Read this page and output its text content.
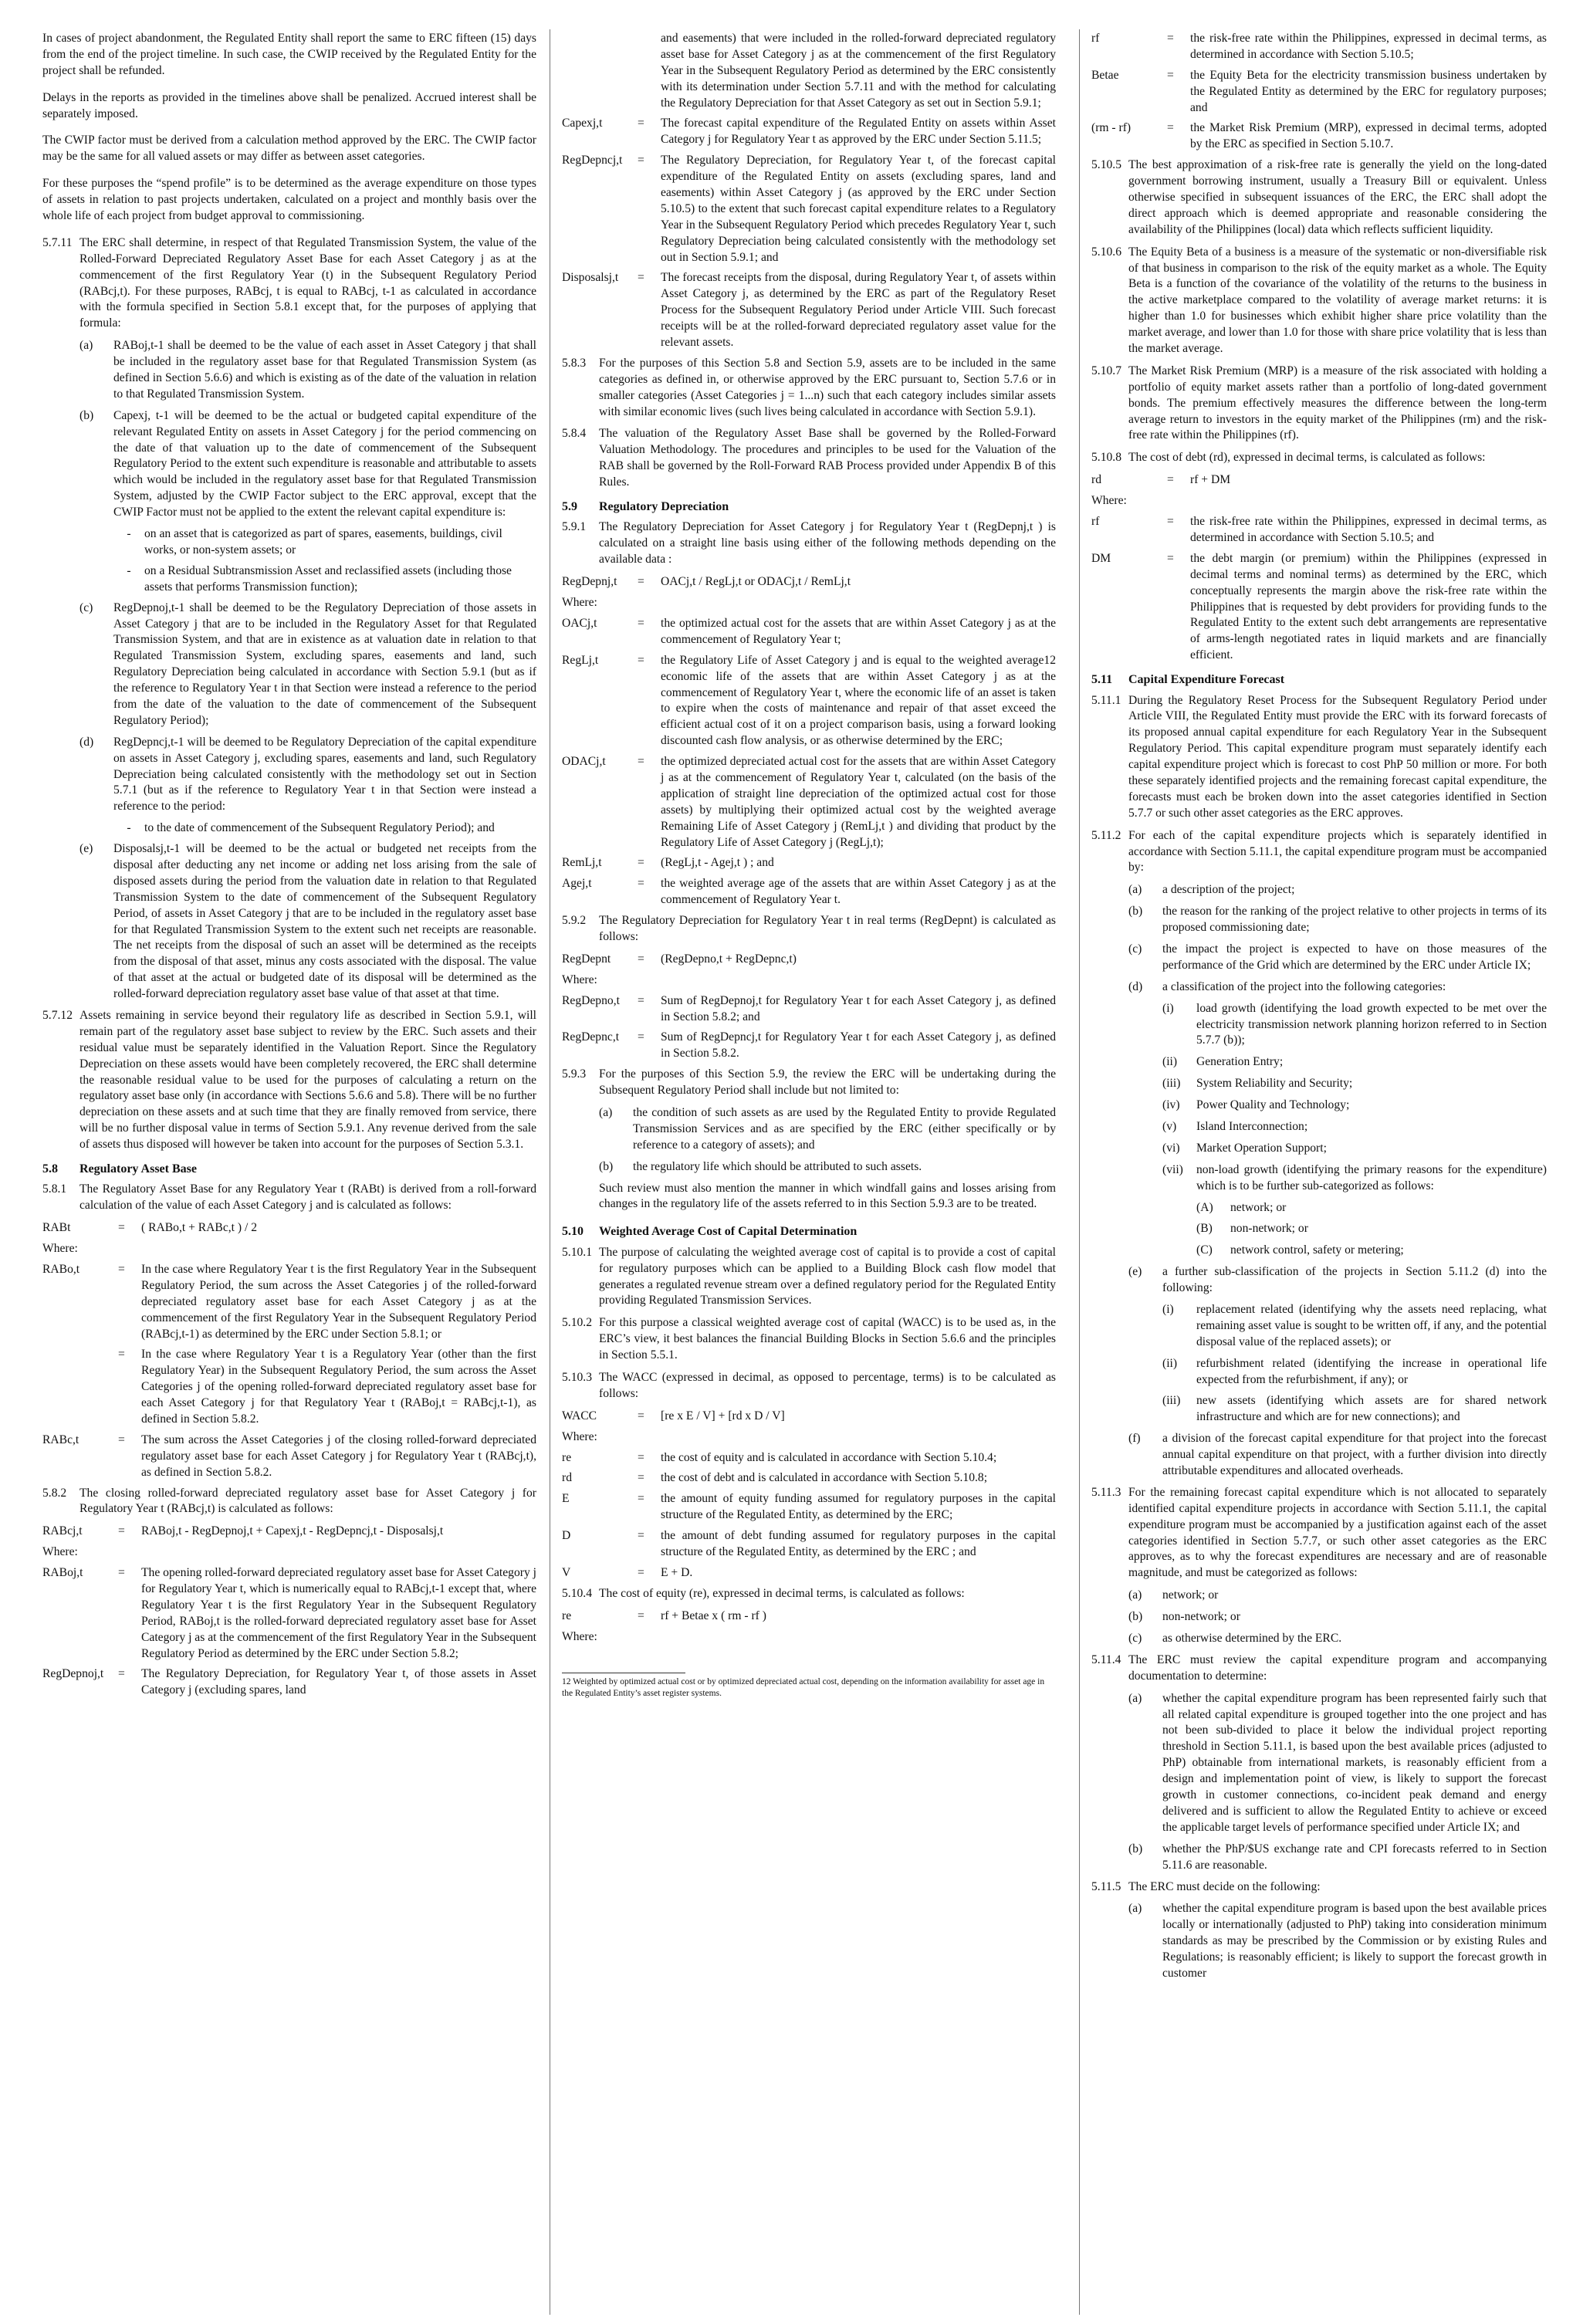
In cases of project abandonment, the Regulated Entity shall report the same to ERC fifteen (15) days from the end of the project timeline. In such case, the CWIP received by the Regulated Entity for the project shall be refunded.

Delays in the reports as provided in the timelines above shall be penalized. Accrued interest shall be separately imposed.

The CWIP factor must be derived from a calculation method approved by the ERC. The CWIP factor may be the same for all valued assets or may differ as between asset categories.

For these purposes the “spend profile” is to be determined as the average expenditure on those types of assets in relation to past projects undertaken, calculated on a project and monthly basis over the whole life of each project from budget approval to commissioning.

5.7.11 The ERC shall determine, in respect of that Regulated Transmission System, the value of the Rolled-Forward Depreciated Regulatory Asset Base for each Asset Category j as at the commencement of the first Regulatory Year (t) in the Subsequent Regulatory Period (RABcj,t). For these purposes, RABcj, t is equal to RABcj, t-1 as calculated in accordance with the formula specified in Section 5.8.1 except that, for the purposes of applying that formula:
(a)	RABoj,t-1 shall be deemed to be the value of each asset in Asset Category j that shall be included in the regulatory asset base for that Regulated Transmission System (as defined in Section 5.6.6) and which is existing as of the date of the valuation in relation to that Regulated Transmission System.
(b)	Capexj, t-1 will be deemed to be the actual or budgeted capital expenditure of the relevant Regulated Entity on assets in Asset Category j for the period commencing on the date of that valuation up to the date of commencement of the Subsequent Regulatory Period to the extent such expenditure is reasonable and attributable to assets which would be included in the regulatory asset base for that Regulated Transmission System, adjusted by the CWIP Factor subject to the ERC approval, except that the CWIP Factor must not be applied to the extent the relevant capital expenditure is:
-	on an asset that is categorized as part of spares, easements, buildings, civil works, or non-system assets; or
-	on a Residual Subtransmission Asset and reclassified assets (including those assets that performs Transmission function);
(c)	RegDepnoj,t-1 shall be deemed to be the Regulatory Depreciation of those assets in Asset Category j that are to be included in the Regulatory Asset for that Regulated Transmission System, and that are in existence as at valuation date in relation to that Regulated Transmission System, excluding spares, easements and land, such Regulatory Depreciation being calculated in accordance with Section 5.9.1 (but as if the reference to Regulatory Year t in that Section were instead a reference to the period from the date of the valuation to the date of commencement of the Subsequent Regulatory Period);
(d)	RegDepncj,t-1 will be deemed to be Regulatory Depreciation of the capital expenditure on assets in Asset Category j, excluding spares, easements and land, such Regulatory Depreciation being calculated consistently with the methodology set out in Section 5.7.1 (but as if the reference to Regulatory Year t in that Section were instead a reference to the period:
-	to the date of commencement of the Subsequent Regulatory Period); and
(e)	Disposalsj,t-1 will be deemed to be the actual or budgeted net receipts from the disposal after deducting any net income or adding net loss arising from the sale of disposed assets during the period from the valuation date in relation to that Regulated Transmission System to the date of commencement of the Subsequent Regulatory Period, of assets in Asset Category j that are to be included in the regulatory asset base for that Regulated Transmission System to the extent such net receipts are reasonable. The net receipts from the disposal of such an asset will be determined as the receipts from the disposal of that asset, minus any costs associated with the disposal. The value of that asset at the actual or budgeted date of its disposal will be determined as the rolled-forward depreciation regulatory asset base value of that asset at that time.
5.7.12 Assets remaining in service beyond their regulatory life as described in Section 5.9.1, will remain part of the regulatory asset base subject to review by the ERC. Such assets and their residual value must be separately identified in the Valuation Report. Since the Regulatory Depreciation on these assets would have been completely recovered, the ERC shall determine the reasonable residual value to be used for the purposes of calculating a return on the regulatory asset base only (in accordance with Sections 5.6.6 and 5.8). There will be no further depreciation on these assets and at such time that they are finally removed from service, there will be no further disposal value in terms of Section 5.9.1. Any revenue derived from the sale of assets thus disposed will however be taken into account for the purposes of Section 5.3.1.
5.8	Regulatory Asset Base
5.8.1	The Regulatory Asset Base for any Regulatory Year t (RABt) is derived from a roll-forward calculation of the value of each Asset Category j and is calculated as follows:
RABt	=	( RABo,t + RABc,t ) / 2
Where:
RABo,t	=	In the case where Regulatory Year t is the first Regulatory Year in the Subsequent Regulatory Period, the sum across the Asset Categories j of the rolled-forward depreciated regulatory asset base for each Asset Category j as at the commencement of the first Regulatory Year in the Subsequent Regulatory Period (RABcj,t-1) as determined by the ERC under Section 5.8.1; or
=	In the case where Regulatory Year t is a Regulatory Year (other than the first Regulatory Year) in the Subsequent Regulatory Period, the sum across the Asset Categories j of the opening rolled-forward depreciated regulatory asset base for each Asset Category j for that Regulatory Year t (RABoj,t = RABcj,t-1), as defined in Section 5.8.2.
RABc,t	=	The sum across the Asset Categories j of the closing rolled-forward depreciated regulatory asset base for each Asset Category j for Regulatory Year t (RABcj,t), as defined in Section 5.8.2.
5.8.2	The closing rolled-forward depreciated regulatory asset base for Asset Category j for Regulatory Year t (RABcj,t) is calculated as follows:
RABcj,t	=	RABoj,t - RegDepnoj,t + Capexj,t - RegDepncj,t - Disposalsj,t
Where:
RABoj,t	=	The opening rolled-forward depreciated regulatory asset base for Asset Category j for Regulatory Year t, which is numerically equal to RABcj,t-1 except that, where Regulatory Year t is the first Regulatory Year in the Subsequent Regulatory Period, RABoj,t is the rolled-forward depreciated regulatory asset base for Asset Category j as at the commencement of the first Regulatory Year in the Subsequent Regulatory Period as determined by the ERC under Section 5.8.2;
RegDepnoj,t	=	The Regulatory Depreciation, for Regulatory Year t, of those assets in Asset Category j (excluding spares, land
and easements) that were included in the rolled-forward depreciated regulatory asset base for Asset Category j as at the commencement of the first Regulatory Year in the Subsequent Regulatory Period as determined by the ERC consistently with its determination under Section 5.7.11 and with the method for calculating the Regulatory Depreciation for that Asset Category as set out in Section 5.9.1;
Capexj,t	=	The forecast capital expenditure of the Regulated Entity on assets within Asset Category j for Regulatory Year t as approved by the ERC under Section 5.11.5;
RegDepncj,t	=	The Regulatory Depreciation, for Regulatory Year t, of the forecast capital expenditure of the Regulated Entity on assets (excluding spares, land and easements) within Asset Category j (as approved by the ERC under Section 5.10.5) to the extent that such forecast capital expenditure relates to a Regulatory Year in the Subsequent Regulatory Period which precedes Regulatory Year t, such Regulatory Depreciation being calculated consistently with the methodology set out in Section 5.9.1; and
Disposalsj,t	=	The forecast receipts from the disposal, during Regulatory Year t, of assets within Asset Category j, as determined by the ERC as part of the Regulatory Reset Process for the Subsequent Regulatory Period under Article VIII. Such forecast receipts will be at the rolled-forward depreciated regulatory asset value for the relevant assets.
5.8.3	For the purposes of this Section 5.8 and Section 5.9, assets are to be included in the same categories as defined in, or otherwise approved by the ERC pursuant to, Section 5.7.6 or in smaller categories (Asset Categories j = 1...n) such that each category includes similar assets with similar economic lives (such lives being calculated in accordance with Section 5.9.1).
5.8.4	The valuation of the Regulatory Asset Base shall be governed by the Rolled-Forward Valuation Methodology. The procedures and principles to be used for the Valuation of the RAB shall be governed by the Roll-Forward RAB Process provided under Appendix B of this Rules.
5.9	Regulatory Depreciation
5.9.1	The Regulatory Depreciation for Asset Category j for Regulatory Year t (RegDepnj,t ) is calculated on a straight line basis using either of the following methods depending on the available data :
RegDepnj,t	=	OACj,t / RegLj,t or ODACj,t / RemLj,t
Where:
OACj,t	=	the optimized actual cost for the assets that are within Asset Category j as at the commencement of Regulatory Year t;
RegLj,t	=	the Regulatory Life of Asset Category j and is equal to the weighted average12 economic life of the assets that are within Asset Category j as at the commencement of Regulatory Year t, where the economic life of an asset is taken to expire when the costs of maintenance and repair of that asset exceed the efficient actual cost of it on a project comparison basis, using a forward looking discounted cash flow analysis, or as otherwise determined by the ERC;
ODACj,t	=	the optimized depreciated actual cost for the assets that are within Asset Category j as at the commencement of Regulatory Year t, calculated (on the basis of the application of straight line depreciation of the optimized actual cost for those assets) by multiplying their optimized actual cost by the weighted average Remaining Life of Asset Category j (RemLj,t ) and dividing that product by the Regulatory Life of Asset Category j (RegLj,t);
RemLj,t	=	(RegLj,t - Agej,t ) ; and
Agej,t	=	the weighted average age of the assets that are within Asset Category j as at the commencement of Regulatory Year t.
5.9.2	The Regulatory Depreciation for Regulatory Year t in real terms (RegDepnt) is calculated as follows:
RegDepnt	=	(RegDepno,t + RegDepnc,t)
Where:
RegDepno,t	=	Sum of RegDepnoj,t for Regulatory Year t for each Asset Category j, as defined in Section 5.8.2; and
RegDepnc,t	=	Sum of RegDepncj,t for Regulatory Year t for each Asset Category j, as defined in Section 5.8.2.
5.9.3	For the purposes of this Section 5.9, the review the ERC will be undertaking during the Subsequent Regulatory Period shall include but not limited to:
(a)	the condition of such assets as are used by the Regulated Entity to provide Regulated Transmission Services and as are specified by the ERC (either specifically or by reference to a category of assets); and
(b)	the regulatory life which should be attributed to such assets.

Such review must also mention the manner in which windfall gains and losses arising from changes in the regulatory life of the assets referred to in this Section 5.9.3 are to be treated.

5.10	Weighted Average Cost of Capital Determination
5.10.1 The purpose of calculating the weighted average cost of capital is to provide a cost of capital for regulatory purposes which can be applied to a Building Block cash flow model that generates a regulated revenue stream over a defined regulatory period for the Regulated Entity providing Regulated Transmission Services.
5.10.2 For this purpose a classical weighted average cost of capital (WACC) is to be used as, in the ERC’s view, it best balances the financial Building Blocks in Section 5.6.6 and the principles in Section 5.5.1.
5.10.3 The WACC (expressed in decimal, as opposed to percentage, terms) is to be calculated as follows:
WACC	=	[re x E / V] + [rd x D / V]
Where:
re	=	the cost of equity and is calculated in accordance with Section 5.10.4;
rd	=	the cost of debt and is calculated in accordance with Section 5.10.8;
E	=	the amount of equity funding assumed for regulatory purposes in the capital structure of the Regulated Entity, as determined by the ERC;
D	=	the amount of debt funding assumed for regulatory purposes in the capital structure of the Regulated Entity, as determined by the ERC ; and
V	=	E + D.
5.10.4 The cost of equity (re), expressed in decimal terms, is calculated as follows:
re	=	rf + Betae x ( rm - rf )
Where:
12 Weighted by optimized actual cost or by optimized depreciated actual cost, depending on the information availability for asset age in the Regulated Entity’s asset register systems.
rf	=	the risk-free rate within the Philippines, expressed in decimal terms, as determined in accordance with Section 5.10.5;
Betae	=	the Equity Beta for the electricity transmission business undertaken by the Regulated Entity as determined by the ERC for regulatory purposes; and
(rm - rf)	=	the Market Risk Premium (MRP), expressed in decimal terms, adopted by the ERC as specified in Section 5.10.7.
5.10.5 The best approximation of a risk-free rate is generally the yield on the long-dated government borrowing instrument, usually a Treasury Bill or equivalent. Unless otherwise specified in subsequent issuances of the ERC, the ERC shall adopt the direct approach which is deemed appropriate and reasonable considering the availability of the Philippines (local) data which reflects sufficient liquidity.
5.10.6 The Equity Beta of a business is a measure of the systematic or non-diversifiable risk of that business in comparison to the risk of the equity market as a whole. The Equity Beta is a function of the covariance of the volatility of the returns to the business in the active marketplace compared to the volatility of average market returns: it is higher than 1.0 for businesses which exhibit higher share price volatility than the market average, and lower than 1.0 for those with share price volatility that is less than the market average.
5.10.7 The Market Risk Premium (MRP) is a measure of the risk associated with holding a portfolio of equity market assets rather than a portfolio of long-dated government bonds. The premium effectively measures the difference between the long-term average return to investors in the equity market of the Philippines (rm) and the risk-free rate within the Philippines (rf).
5.10.8 The cost of debt (rd), expressed in decimal terms, is calculated as follows:
rd	=	rf + DM
Where:
rf	=	the risk-free rate within the Philippines, expressed in decimal terms, as determined in accordance with Section 5.10.5; and
DM	=	the debt margin (or premium) within the Philippines (expressed in decimal terms and nominal terms) as determined by the ERC, which conceptually represents the margin above the risk-free rate within the Philippines that is requested by debt providers for providing funds to the Regulated Entity to the extent such debt arrangements are representative of arms-length negotiated rates in liquid markets and are financially efficient.
5.11	Capital Expenditure Forecast
5.11.1 During the Regulatory Reset Process for the Subsequent Regulatory Period under Article VIII, the Regulated Entity must provide the ERC with its forward forecasts of its proposed annual capital expenditure for each Regulatory Year in the Subsequent Regulatory Period. This capital expenditure program must separately identify each capital expenditure project which is forecast to cost PhP 50 million or more. For both these separately identified projects and the remaining forecast capital expenditure, the forecasts must each be broken down into the asset categories identified in Section 5.7.7 or such other asset categories as the ERC approves.
5.11.2 For each of the capital expenditure projects which is separately identified in accordance with Section 5.11.1, the capital expenditure program must be accompanied by:
(a)	a description of the project;
(b)	the reason for the ranking of the project relative to other projects in terms of its proposed commissioning date;
(c)	the impact the project is expected to have on those measures of the performance of the Grid which are determined by the ERC under Article IX;
(d)	a classification of the project into the following categories:
(i)	load growth (identifying the load growth expected to be met over the electricity transmission network planning horizon referred to in Section 5.7.7 (b));
(ii)	Generation Entry;
(iii)	System Reliability and Security;
(iv)	Power Quality and Technology;
(v)	Island Interconnection;
(vi)	Market Operation Support;
(vii)	non-load growth (identifying the primary reasons for the expenditure) which is to be further sub-categorized as follows:
(A)	network; or
(B)	non-network; or
(C)	network control, safety or metering;
(e)	a further sub-classification of the projects in Section 5.11.2 (d) into the following:
(i)	replacement related (identifying why the assets need replacing, what remaining asset value is sought to be written off, if any, and the potential disposal value of the replaced assets); or
(ii)	refurbishment related (identifying the increase in operational life expected from the refurbishment, if any); or
(iii)	new assets (identifying which assets are for shared network infrastructure and which are for new connections); and
(f)	a division of the forecast capital expenditure for that project into the forecast annual capital expenditure on that project, with a further division into directly attributable expenditures and allocated overheads.
5.11.3 For the remaining forecast capital expenditure which is not allocated to separately identified capital expenditure projects in accordance with Section 5.11.1, the capital expenditure program must be accompanied by a justification against each of the asset categories identified in Section 5.7.7, or such other asset categories as the ERC approves, as to why the forecast expenditures are necessary and are of reasonable magnitude, and must be categorized as follows:
(a)	network; or
(b)	non-network; or
(c)	as otherwise determined by the ERC.
5.11.4 The ERC must review the capital expenditure program and accompanying documentation to determine:
(a)	whether the capital expenditure program has been represented fairly such that all related capital expenditure is grouped together into the one project and has not been sub-divided to place it below the individual project reporting threshold in Section 5.11.1, is based upon the best available prices (adjusted to PhP) obtainable from international markets, is reasonably efficient from a design and implementation point of view, is likely to support the forecast growth in customer connections, co-incident peak demand and energy delivered and is sufficient to allow the Regulated Entity to achieve or exceed the applicable target levels of performance specified under Article IX; and
(b)	whether the PhP/$US exchange rate and CPI forecasts referred to in Section 5.11.6 are reasonable.
5.11.5 The ERC must decide on the following:
(a)	whether the capital expenditure program is based upon the best available prices locally or internationally (adjusted to PhP) taking into consideration minimum standards as may be prescribed by the Commission or by existing Rules and Regulations; is reasonably efficient; is likely to support the forecast growth in customer
